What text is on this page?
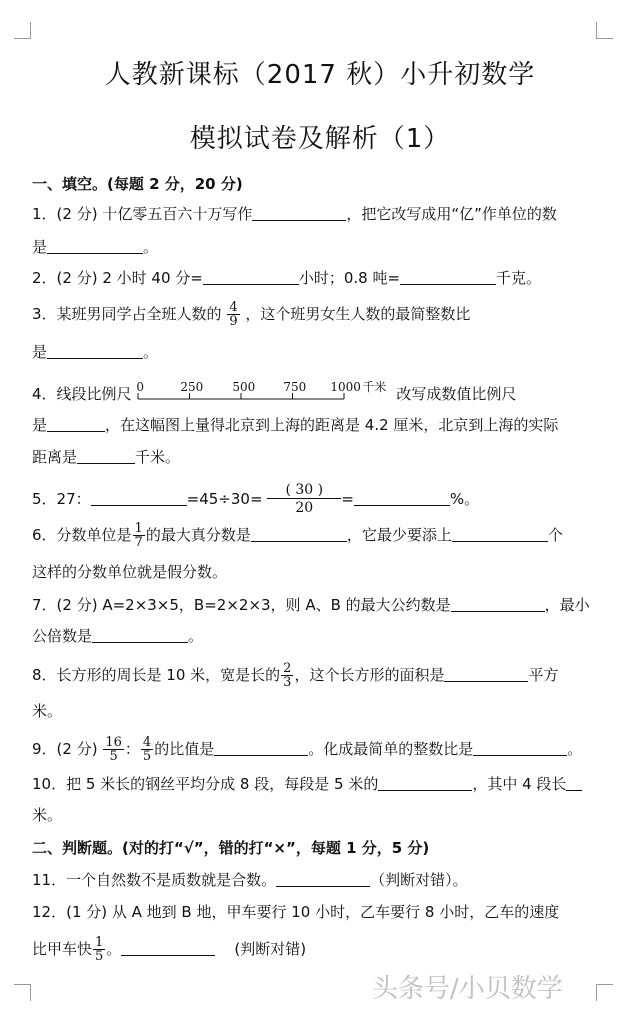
人教新课标（2017 秋）小升初数学
模拟试卷及解析（1）
一、填空。(每题 2 分，20 分)
1．(2 分) 十亿零五百六十万写作	，把它改写成用“亿”作单位的数
是	。
2．(2 分) 2 小时 40 分=	小时；0.8 吨=	千克。
3．某班男同学占全班人数的 $\frac{4}{9}$ ，这个班男女生人数的最简整数比
是	。
4．线段比例尺 0	250 500 750 1000 千米 改写成数值比例尺
是	，在这幅图上量得北京到上海的距离是 4.2 厘米，北京到上海的实际
距离是	千米。
5．27：	$=45\div 30= \frac{( 30 )}{20}$ =	%。
6．分数单位是 $\frac{1}{7}$ 的最大真分数是	，它最少要添上	个
这样的分数单位就是假分数。
7．(2 分) A=2×3×5，B=2×2×3，则 A、B 的最大公约数是	，最小
公倍数是	。
8．长方形的周长是 10 米，宽是长的 $\frac{2}{3}$ ，这个长方形的面积是	平方
米。
9．(2 分) $\frac{16}{5}$ ： $\frac{4}{5}$ 的比值是	。化成最简单的整数比是	。
10．把 5 米长的钢丝平均分成 8 段，每段是 5 米的	，其中 4 段长
米。
二、判断题。(对的打“√”，错的打“×”，每题 1 分，5 分)
11．一个自然数不是质数就是合数。	（判断对错）。
12．(1 分) 从 A 地到 B 地，甲车要行 10 小时，乙车要行 8 小时，乙车的速度
比甲车快 $\frac{1}{5}$ 。	(判断对错)
头条号/小贝数学
